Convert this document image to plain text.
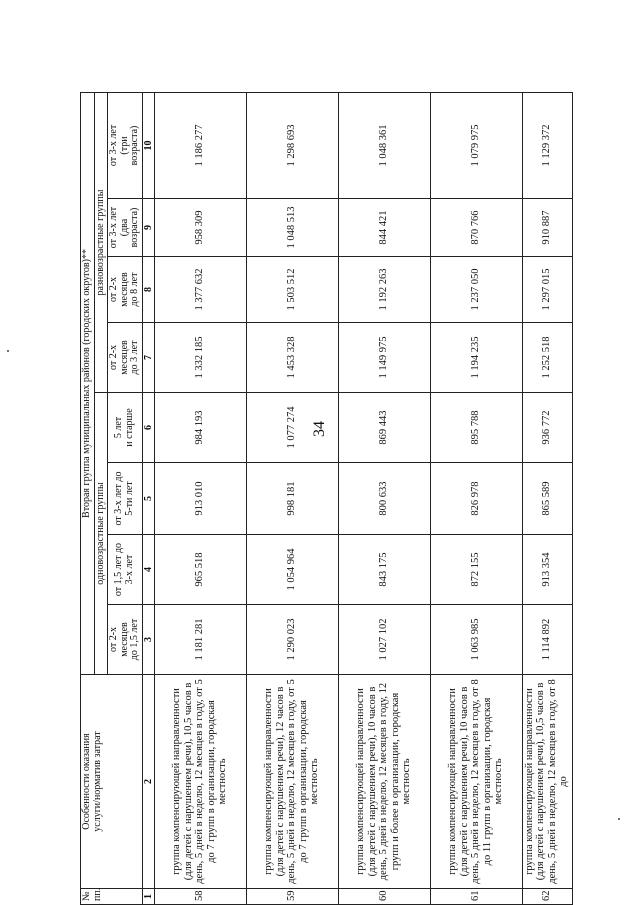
34
№
пп.	Особенности оказания
услуги/норматив затрат	Вторая группа муниципальных районов (городских округов)**							
		одновозрастные группы				разновозрастные группы			
		от 2-х
месяцев
до 1,5 лет	от 1,5 лет до
3-х лет	от 3-х лет до
5-ти лет	5 лет
и старше	от 2-х
месяцев
до 3 лет	от 2-х
месяцев
до 8 лет	от 3-х лет
(два
возраста)	от 3-х лет
(три
возраста)
1	2	3	4	5	6	7	8	9	10
58	группа компенсирующей направленности (для детей с нарушением речи), 10,5 часов в день, 5 дней в неделю, 12 месяцев в году, от 5 до 7 групп в организации, городская местность	1 181 281	965 518	913 010	984 193	1 332 185	1 377 632	958 309	1 186 277
59	группа компенсирующей направленности (для детей с нарушением речи), 12 часов в день, 5 дней в неделю, 12 месяцев в году, от 5 до 7 групп в организации, городская местность	1 290 023	1 054 964	998 181	1 077 274	1 453 328	1 503 512	1 048 513	1 298 693
60	группа компенсирующей направленности (для детей с нарушением речи), 10 часов в день, 5 дней в неделю, 12 месяцев в году, 12 групп и более в организации, городская местность	1 027 102	843 175	800 633	869 443	1 149 975	1 192 263	844 421	1 048 361
61	группа компенсирующей направленности (для детей с нарушением речи), 10 часов в день, 5 дней в неделю, 12 месяцев в году, от 8 до 11 групп в организации, городская местность	1 063 985	872 155	826 978	895 788	1 194 235	1 237 050	870 766	1 079 975
62	группа компенсирующей направленности (для детей с нарушением речи), 10,5 часов в день, 5 дней в неделю, 12 месяцев в году, от 8 до	1 114 892	913 354	865 589	936 772	1 252 518	1 297 015	910 887	1 129 372
